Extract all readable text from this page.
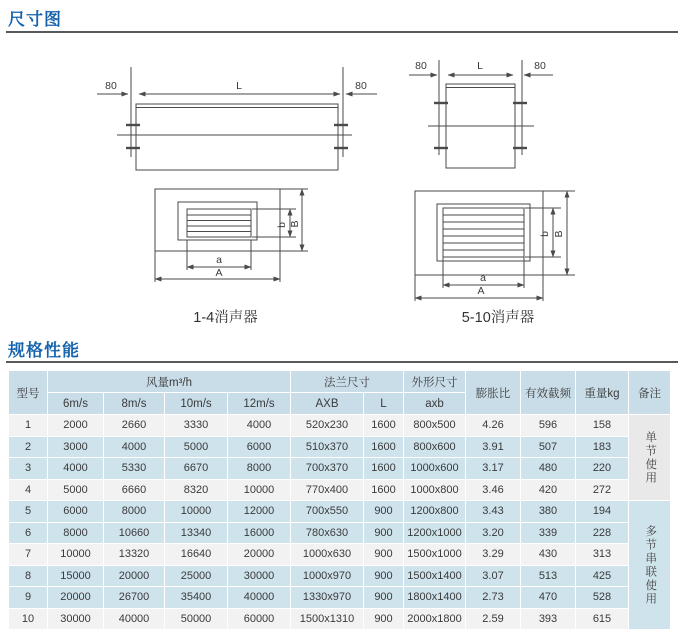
尺寸图
80	L	80
80	L	80
b B
a
A
b B
a
A
1-4消声器	5-10消声器
规格性能
型号	风量m³/h				法兰尺寸		外形尺寸	膨胀比	有效截频	重量kg	备注
	6m/s	8m/s	10m/s	12m/s	AXB	L	axb				
1	2000	2660	3330	4000	520x230	1600	800x500	4.26	596	158	单节使用

2	3000	4000	5000	6000	510x370	1600	800x600	3.91	507	183	
3	4000	5330	6670	8000	700x370	1600	1000x600	3.17	480	220	
4	5000	6660	8320	10000	770x400	1600	1000x800	3.46	420	272	
5	6000	8000	10000	12000	700x550	900	1200x800	3.43	380	194	多节串联使用

6	8000	10660	13340	16000	780x630	900	1200x1000	3.20	339	228	
7	10000	13320	16640	20000	1000x630	900	1500x1000	3.29	430	313	
8	15000	20000	25000	30000	1000x970	900	1500x1400	3.07	513	425	
9	20000	26700	35400	40000	1330x970	900	1800x1400	2.73	470	528	
10	30000	40000	50000	60000	1500x1310	900	2000x1800	2.59	393	615	
